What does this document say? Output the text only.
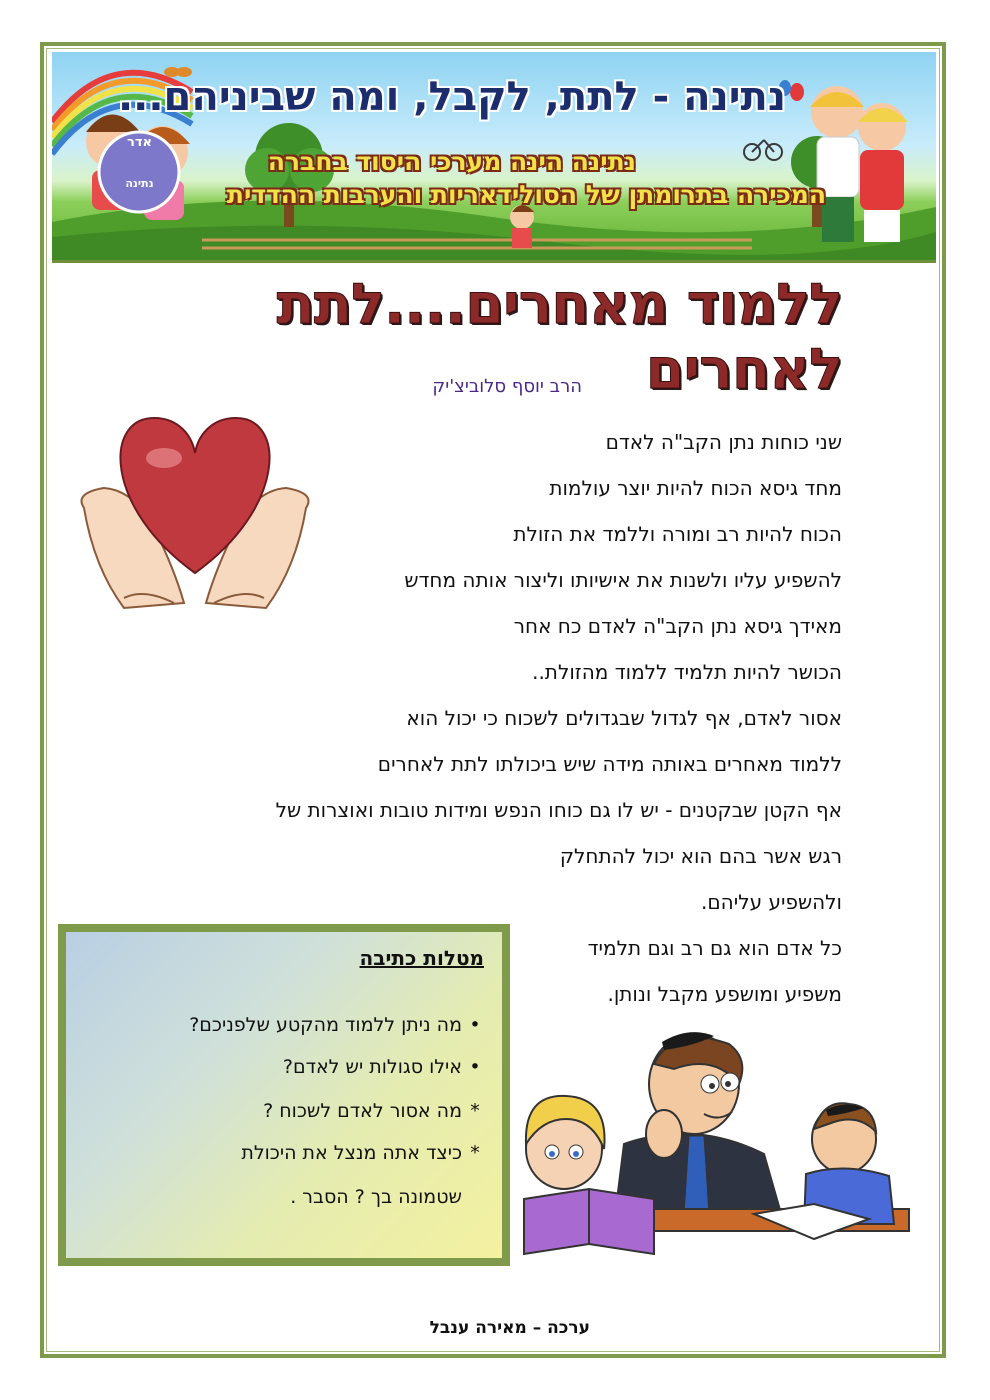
נתינה - לתת, לקבל, ומה שביניהם...
נתינה הינה מערכי היסוד בחברה
המכירה בתרומתן של הסולידאריות והערבות ההדדית
אדר
נתינה
ללמוד מאחרים....לתת לאחרים
הרב יוסף סלוביצ'יק
שני כוחות נתן הקב"ה לאדם
מחד גיסא הכוח להיות יוצר עולמות
הכוח להיות רב ומורה וללמד את הזולת
להשפיע עליו ולשנות את אישיותו וליצור אותה מחדש
מאידך גיסא נתן הקב"ה לאדם כח אחר
הכושר להיות תלמיד ללמוד מהזולת..
אסור לאדם, אף לגדול שבגדולים לשכוח כי יכול הוא
ללמוד מאחרים באותה מידה שיש ביכולתו לתת לאחרים
אף הקטן שבקטנים - יש לו גם כוחו הנפש ומידות טובות ואוצרות של
רגש אשר בהם הוא יכול להתחלק
ולהשפיע עליהם.
כל אדם הוא גם רב וגם תלמיד
משפיע ומושפע מקבל ונותן.
מטלות כתיבה
•מה ניתן ללמוד מהקטע שלפניכם?
•אילו סגולות יש לאדם?
*מה אסור לאדם לשכוח ?
*כיצד אתה מנצל את היכולת
שטמונה בך ? הסבר .
ערכה – מאירה ענבל
